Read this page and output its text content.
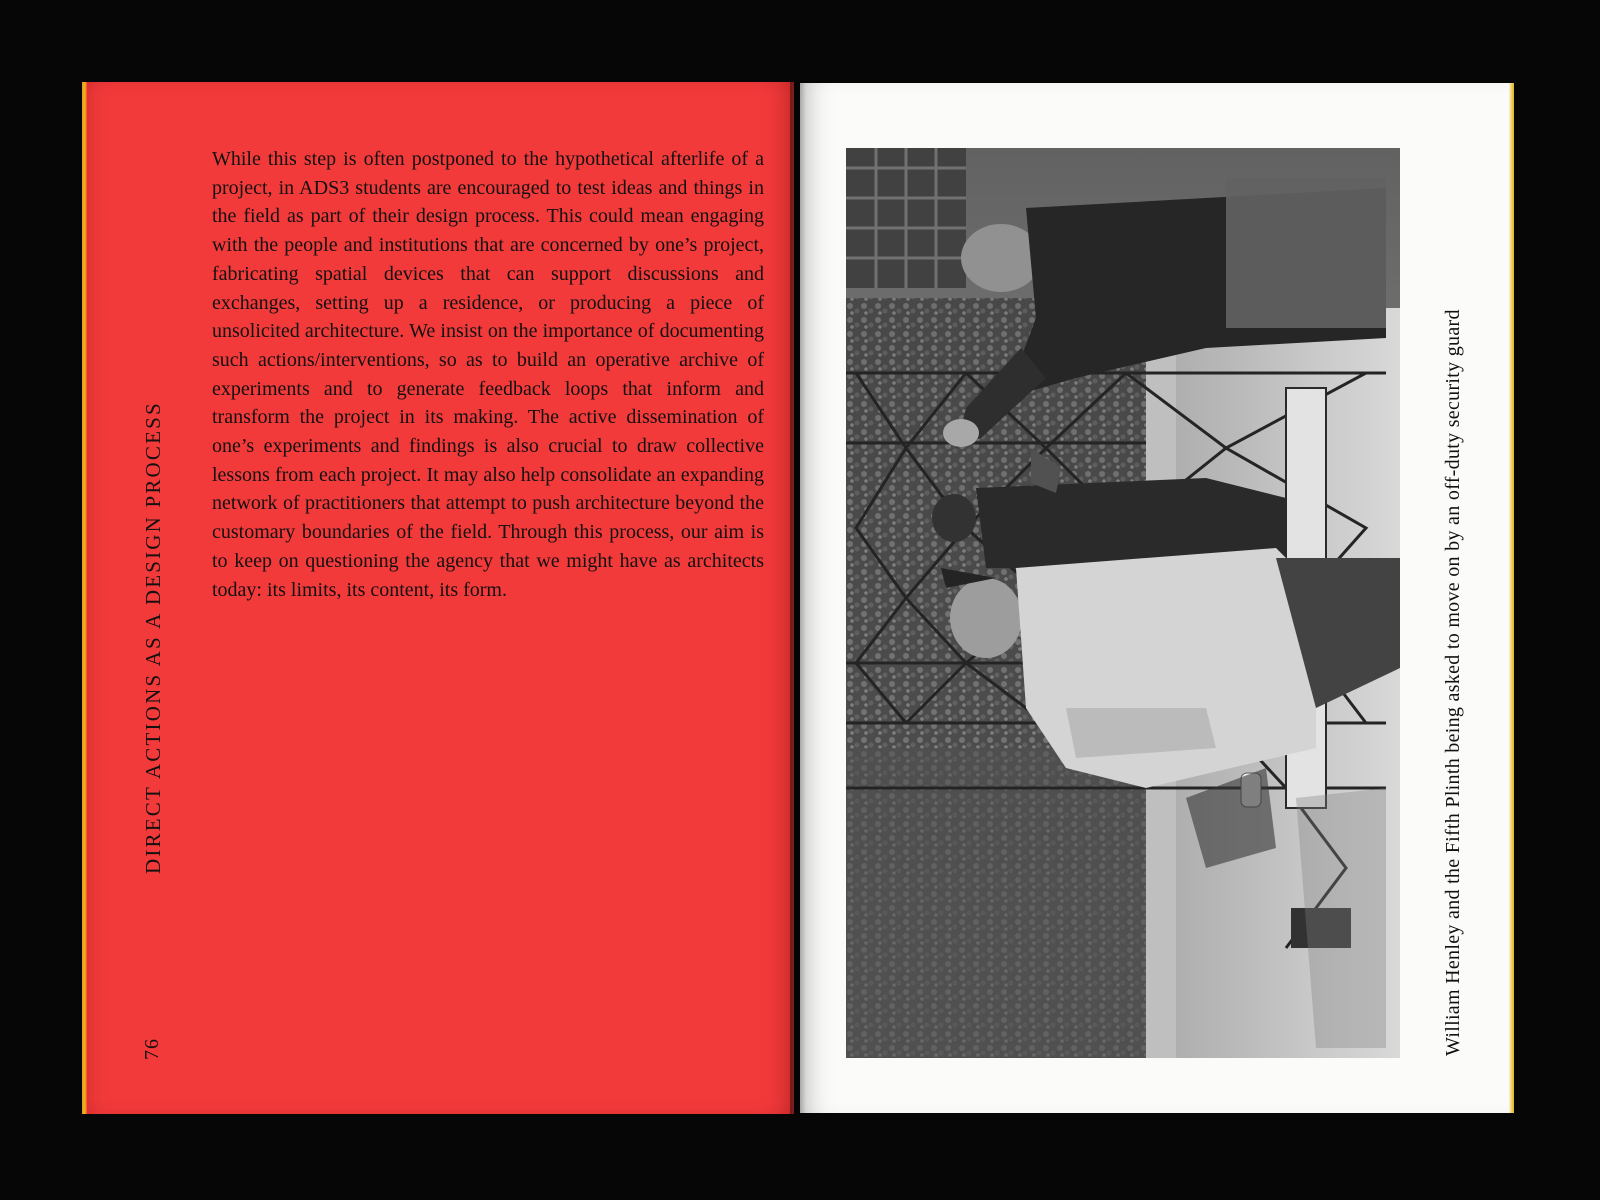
DIRECT ACTIONS AS A DESIGN PROCESS
76

While this step is often postponed to the hypothetical afterlife of a project, in ADS3 students are encouraged to test ideas and things in the field as part of their design process. This could mean engaging with the people and institutions that are concerned by one’s project, fabricating spatial devices that can support discussions and exchanges, setting up a residence, or producing a piece of unsolicited architecture. We insist on the importance of documenting such actions/interventions, so as to build an operative archive of experiments and to generate feedback loops that inform and transform the project in its making. The active dissemination of one’s experiments and findings is also crucial to draw collective lessons from each project. It may also help consolidate an expanding network of practitioners that attempt to push architecture beyond the customary boundaries of the field. Through this process, our aim is to keep on questioning the agency that we might have as architects today: its limits, its content, its form.	William Henley and the Fifth Plinth being asked to move on by an off-duty security guard
